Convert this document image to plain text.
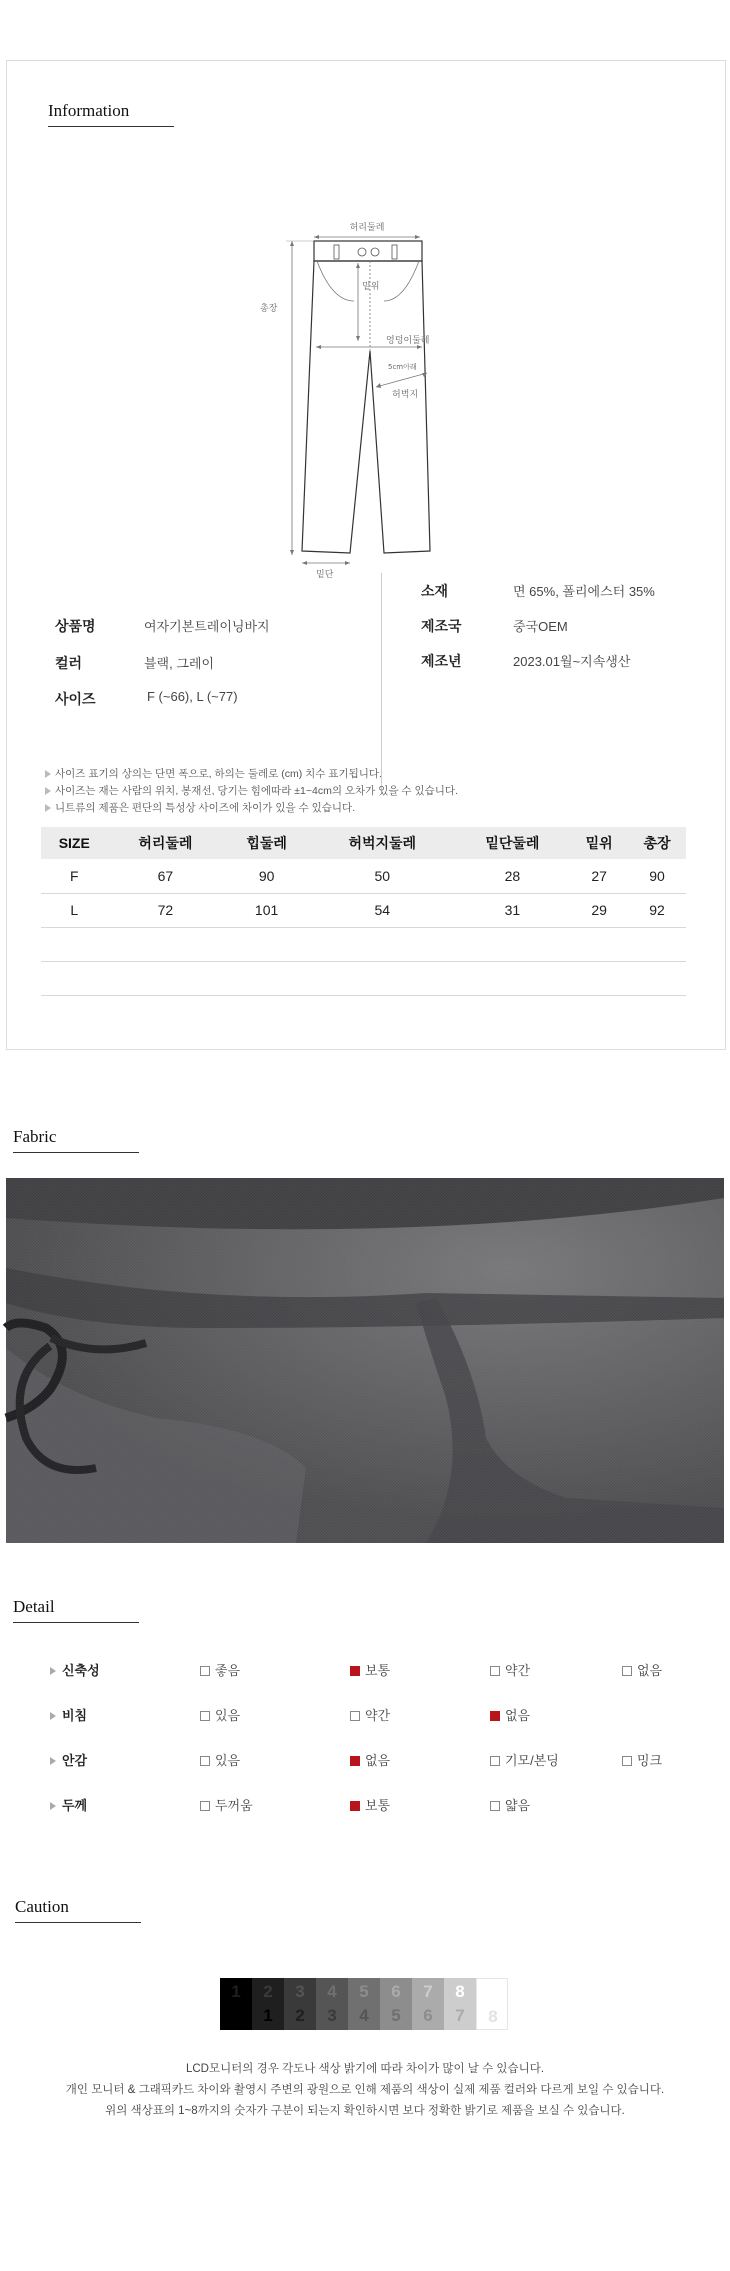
Information
허리둘레
밑위
엉덩이둘레
5cm아래
허벅지
총장
밑단
상품명	여자기본트레이닝바지
컬러	블랙, 그레이
사이즈	F (~66), L (~77)
소재	면 65%, 폴리에스터 35%
제조국	중국OEM
제조년	2023.01월~지속생산
사이즈 표기의 상의는 단면 폭으로, 하의는 둘레로 (cm) 치수 표기됩니다.
사이즈는 재는 사람의 위치, 봉재선, 당기는 힘에따라 ±1~4cm의 오차가 있을 수 있습니다.
니트류의 제품은 편단의 특성상 사이즈에 차이가 있을 수 있습니다.
SIZE	허리둘레	힙둘레	허벅지둘레	밑단둘레	밑위	총장
F	67	90	50	28	27	90
L	72	101	54	31	29	92

Fabric
Detail
신축성	좋음	보통	약간	없음
비침	있음	약간	없음
안감	있음	없음	기모/본딩	밍크
두께	두꺼움	보통	얇음
Caution
1	2
1
3
2
4
3
5
4
6
5
7
6
8
7	8
LCD모니터의 경우 각도나 색상 밝기에 따라 차이가 많이 날 수 있습니다.
개인 모니터 & 그래픽카드 차이와 촬영시 주변의 광원으로 인해 제품의 색상이 실제 제품 컬러와 다르게 보일 수 있습니다.
위의 색상표의 1~8까지의 숫자가 구분이 되는지 확인하시면 보다 정확한 밝기로 제품을 보실 수 있습니다.
